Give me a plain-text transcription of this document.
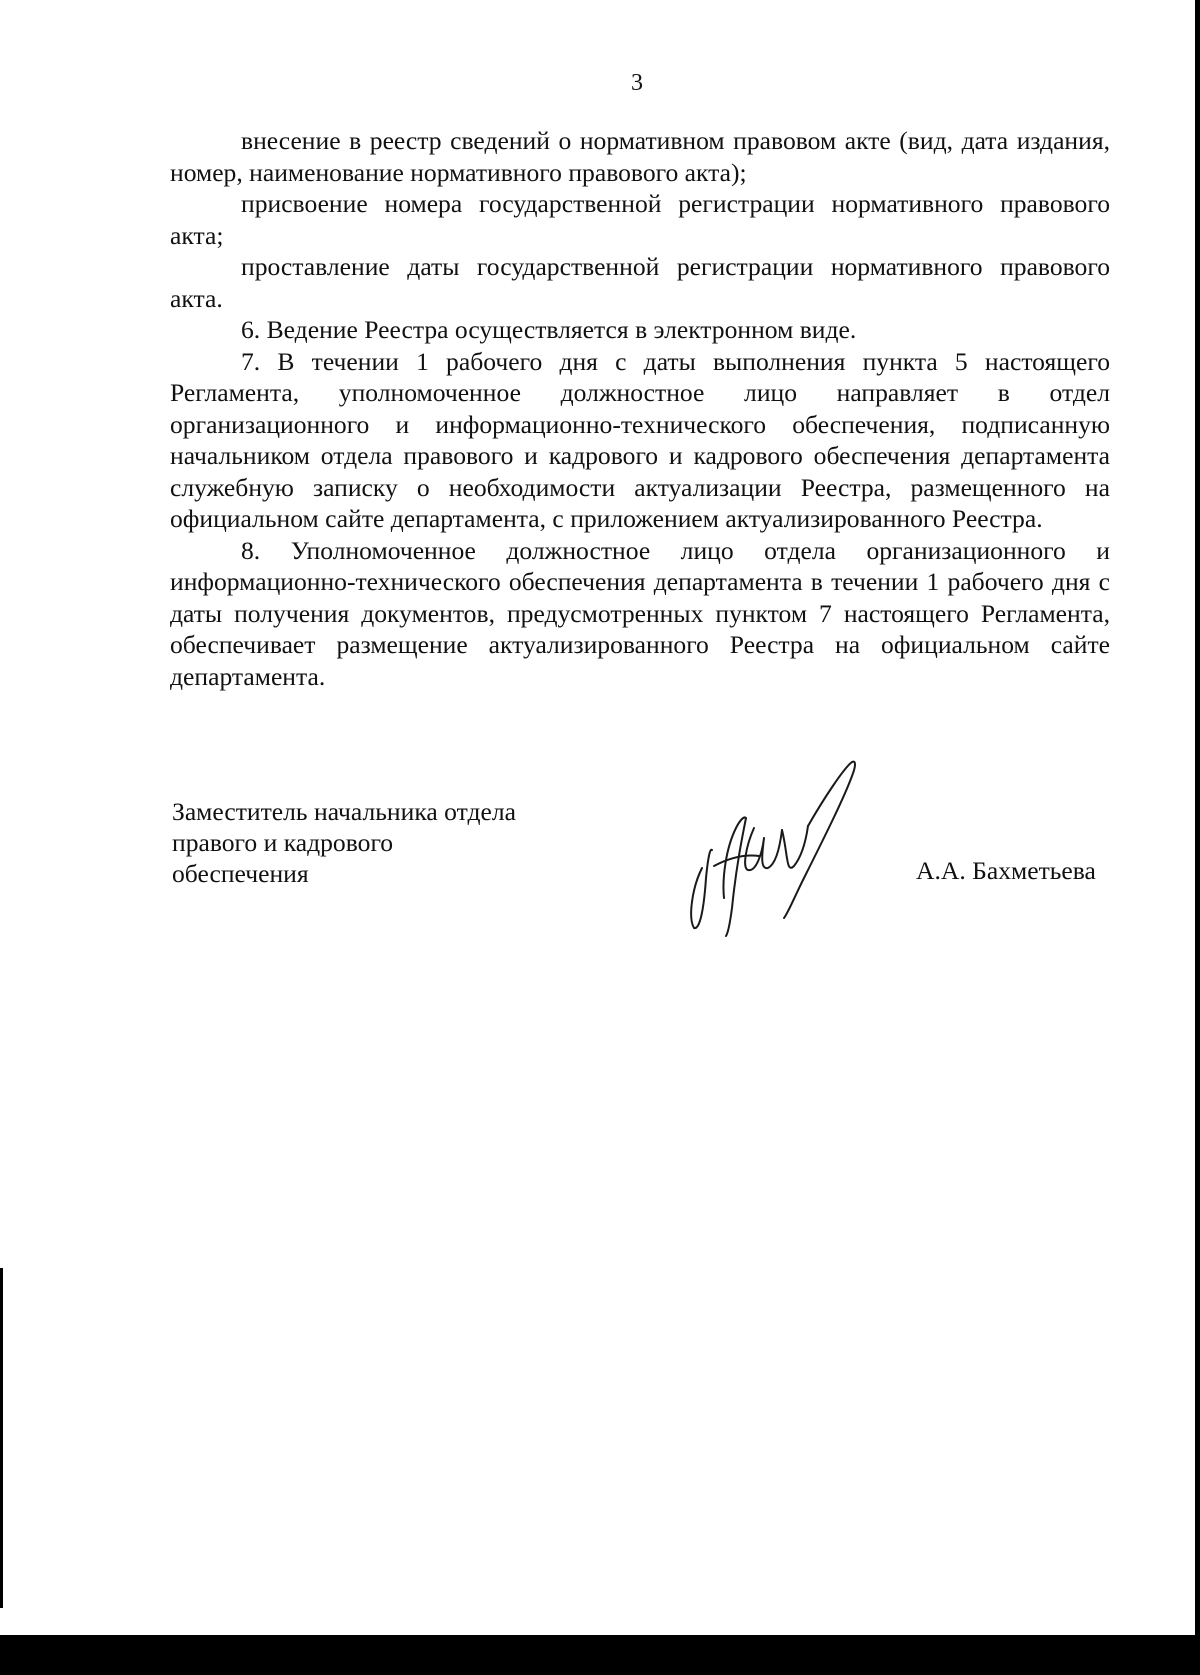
3

внесение в реестр сведений о нормативном правовом акте (вид, дата издания, номер, наименование нормативного правового акта);

присвоение номера государственной регистрации нормативного правового акта;

проставление даты государственной регистрации нормативного правового акта.

6. Ведение Реестра осуществляется в электронном виде.

7. В течении 1 рабочего дня с даты выполнения пункта 5 настоящего Регламента, уполномоченное должностное лицо направляет в отдел организационного и информационно-технического обеспечения, подписанную начальником отдела правового и кадрового и кадрового обеспечения департамента служебную записку о необходимости актуализации Реестра, размещенного на официальном сайте департамента, с приложением актуализированного Реестра.

8. Уполномоченное должностное лицо отдела организационного и информационно-технического обеспечения департамента в течении 1 рабочего дня с даты получения документов, предусмотренных пунктом 7 настоящего Регламента, обеспечивает размещение актуализированного Реестра на официальном сайте департамента.

Заместитель начальника отдела
правого и кадрового
обеспечения	А.А. Бахметьева
